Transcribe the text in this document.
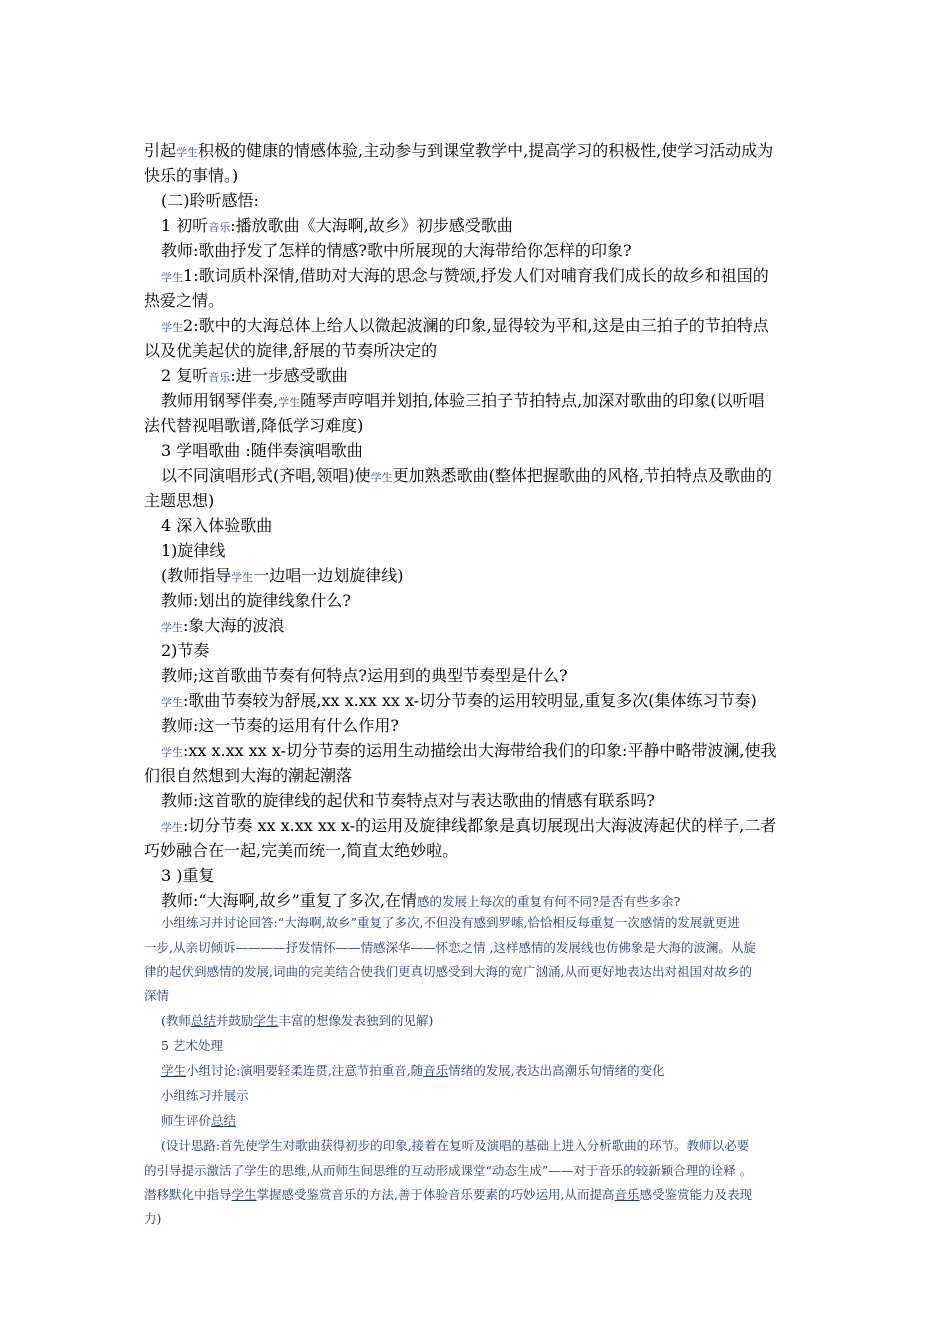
引起学生积极的健康的情感体验,主动参与到课堂教学中,提高学习的积极性,使学习活动成为

快乐的事情。)

(二)聆听感悟:

1 初听音乐:播放歌曲《大海啊,故乡》初步感受歌曲

教师:歌曲抒发了怎样的情感?歌中所展现的大海带给你怎样的印象?

学生1:歌词质朴深情,借助对大海的思念与赞颂,抒发人们对哺育我们成长的故乡和祖国的

热爱之情。

学生2:歌中的大海总体上给人以微起波澜的印象,显得较为平和,这是由三拍子的节拍特点

以及优美起伏的旋律,舒展的节奏所决定的

2 复听音乐:进一步感受歌曲

教师用钢琴伴奏,学生随琴声哼唱并划拍,体验三拍子节拍特点,加深对歌曲的印象(以听唱

法代替视唱歌谱,降低学习难度)

3 学唱歌曲 :随伴奏演唱歌曲

以不同演唱形式(齐唱,领唱)使学生更加熟悉歌曲(整体把握歌曲的风格,节拍特点及歌曲的

主题思想)

4 深入体验歌曲

1)旋律线

(教师指导学生一边唱一边划旋律线)

教师:划出的旋律线象什么?

学生:象大海的波浪

2)节奏

教师;这首歌曲节奏有何特点?运用到的典型节奏型是什么?

学生:歌曲节奏较为舒展,xx x.xx xx x-切分节奏的运用较明显,重复多次(集体练习节奏)

教师:这一节奏的运用有什么作用?

学生:xx x.xx xx x-切分节奏的运用生动描绘出大海带给我们的印象:平静中略带波澜,使我

们很自然想到大海的潮起潮落

教师:这首歌的旋律线的起伏和节奏特点对与表达歌曲的情感有联系吗?

学生:切分节奏 xx x.xx xx x-的运用及旋律线都象是真切展现出大海波涛起伏的样子,二者

巧妙融合在一起,完美而统一,简直太绝妙啦。

3 )重复

教师:“大海啊,故乡”重复了多次,在情感的发展上每次的重复有何不同?是否有些多余?

小组练习并讨论回答:“大海啊,故乡”重复了多次,不但没有感到罗嗦,恰恰相反每重复一次感情的发展就更进

一步,从亲切倾诉————抒发情怀——情感深华——怀恋之情 ,这样感情的发展线也仿佛象是大海的波澜。从旋

律的起伏到感情的发展,词曲的完美结合使我们更真切感受到大海的宽广汹涌,从而更好地表达出对祖国对故乡的

深情

(教师总结并鼓励学生丰富的想像发表独到的见解)

5 艺术处理

学生小组讨论:演唱要轻柔连贯,注意节拍重音,随音乐情绪的发展,表达出高潮乐句情绪的变化

小组练习并展示

师生评价总结

(设计思路:首先使学生对歌曲获得初步的印象,接着在复听及演唱的基础上进入分析歌曲的环节。教师以必要

的引导提示激活了学生的思维,从而师生间思维的互动形成课堂“动态生成”——对于音乐的较新颖合理的诠释 。

潜移默化中指导学生掌握感受鉴赏音乐的方法,善于体验音乐要素的巧妙运用,从而提高音乐感受鉴赏能力及表现

力)
